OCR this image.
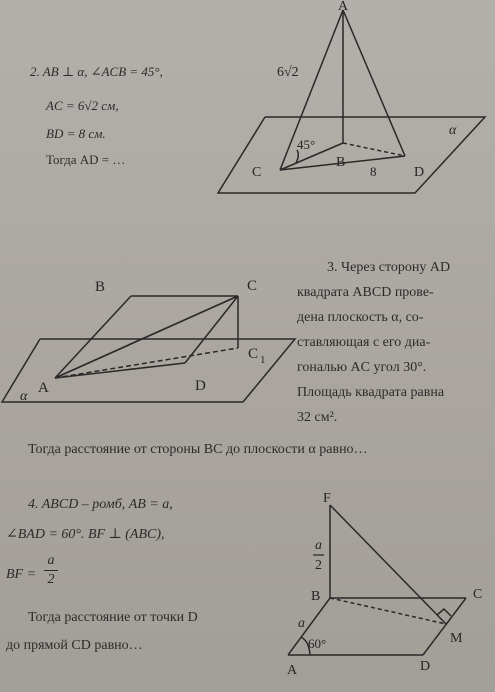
2. AB ⊥ α, ∠ACB = 45°,
AC = 6√2 см,
BD = 8 см.
Тогда AD = …
A
B
C	D
α
6√2
45°
8
B	C
C 1
A	D
α
3. Через сторону AD
квадрата ABCD прове-
дена плоскость α, со-
ставляющая с его диа-
гональю AC угол 30°.
Площадь квадрата равна
32 см².
Тогда расстояние от стороны BC до плоскости α равно…
4. ABCD – ромб, AB = a,
∠BAD = 60°. BF ⊥ (ABC),
BF =
a
2
Тогда расстояние от точки D
до прямой CD равно…
F
B	C
M
A	D
a
60°
a
2
